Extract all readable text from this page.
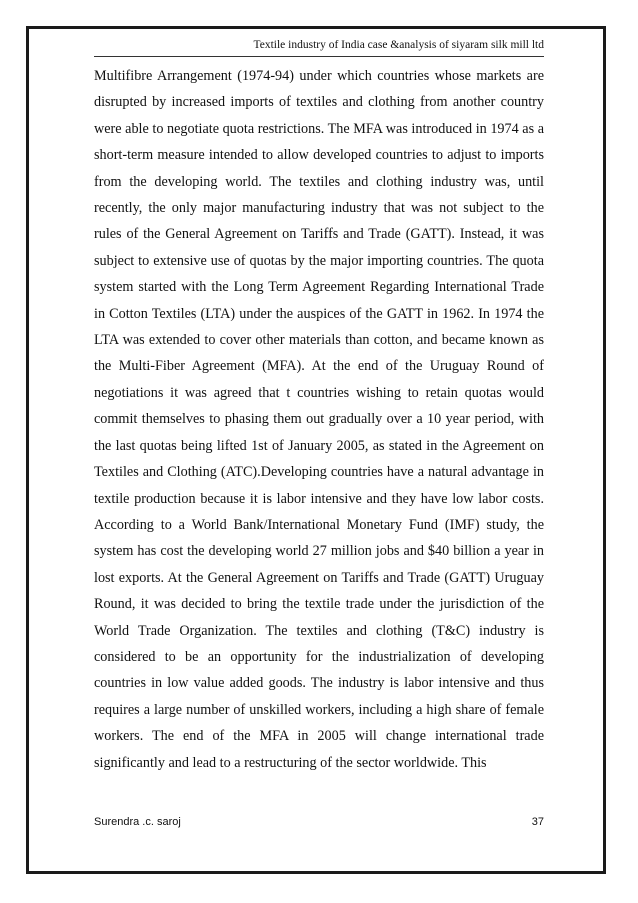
Textile industry of India case &analysis of siyaram silk mill ltd

Multifibre Arrangement (1974-94) under which countries whose markets are disrupted by increased imports of textiles and clothing from another country were able to negotiate quota restrictions. The MFA was introduced in 1974 as a short-term measure intended to allow developed countries to adjust to imports from the developing world. The textiles and clothing industry was, until recently, the only major manufacturing industry that was not subject to the rules of the General Agreement on Tariffs and Trade (GATT). Instead, it was subject to extensive use of quotas by the major importing countries. The quota system started with the Long Term Agreement Regarding International Trade in Cotton Textiles (LTA) under the auspices of the GATT in 1962. In 1974 the LTA was extended to cover other materials than cotton, and became known as the Multi-Fiber Agreement (MFA). At the end of the Uruguay Round of negotiations it was agreed that t countries wishing to retain quotas would commit themselves to phasing them out gradually over a 10 year period, with the last quotas being lifted 1st of January 2005, as stated in the Agreement on Textiles and Clothing (ATC).Developing countries have a natural advantage in textile production because it is labor intensive and they have low labor costs. According to a World Bank/International Monetary Fund (IMF) study, the system has cost the developing world 27 million jobs and $40 billion a year in lost exports. At the General Agreement on Tariffs and Trade (GATT) Uruguay Round, it was decided to bring the textile trade under the jurisdiction of the World Trade Organization. The textiles and clothing (T&C) industry is considered to be an opportunity for the industrialization of developing countries in low value added goods. The industry is labor intensive and thus requires a large number of unskilled workers, including a high share of female workers. The end of the MFA in 2005 will change international trade significantly and lead to a restructuring of the sector worldwide. This

Surendra .c. saroj	37
